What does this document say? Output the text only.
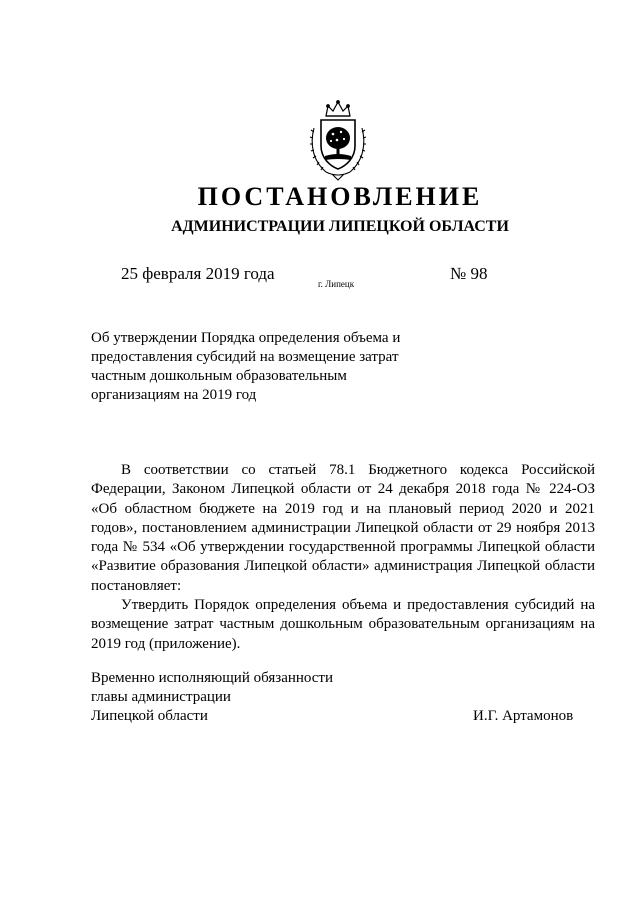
ПОСТАНОВЛЕНИЕ
АДМИНИСТРАЦИИ ЛИПЕЦКОЙ ОБЛАСТИ
25 февраля 2019 года
г. Липецк
№ 98
Об утверждении Порядка определения объема и
предоставления субсидий на возмещение затрат
частным дошкольным образовательным
организациям на 2019 год

В соответствии со статьей 78.1 Бюджетного кодекса Российской Федерации, Законом Липецкой области от 24 декабря 2018 года № 224-ОЗ «Об областном бюджете на 2019 год и на плановый период 2020 и 2021 годов», постановлением администрации Липецкой области от 29 ноября 2013 года № 534 «Об утверждении государственной программы Липецкой области «Развитие образования Липецкой области» администрация Липецкой области постановляет:

Утвердить Порядок определения объема и предоставления субсидий на возмещение затрат частным дошкольным образовательным организациям на 2019 год (приложение).

Временно исполняющий обязанности
главы администрации
Липецкой области	И.Г. Артамонов
